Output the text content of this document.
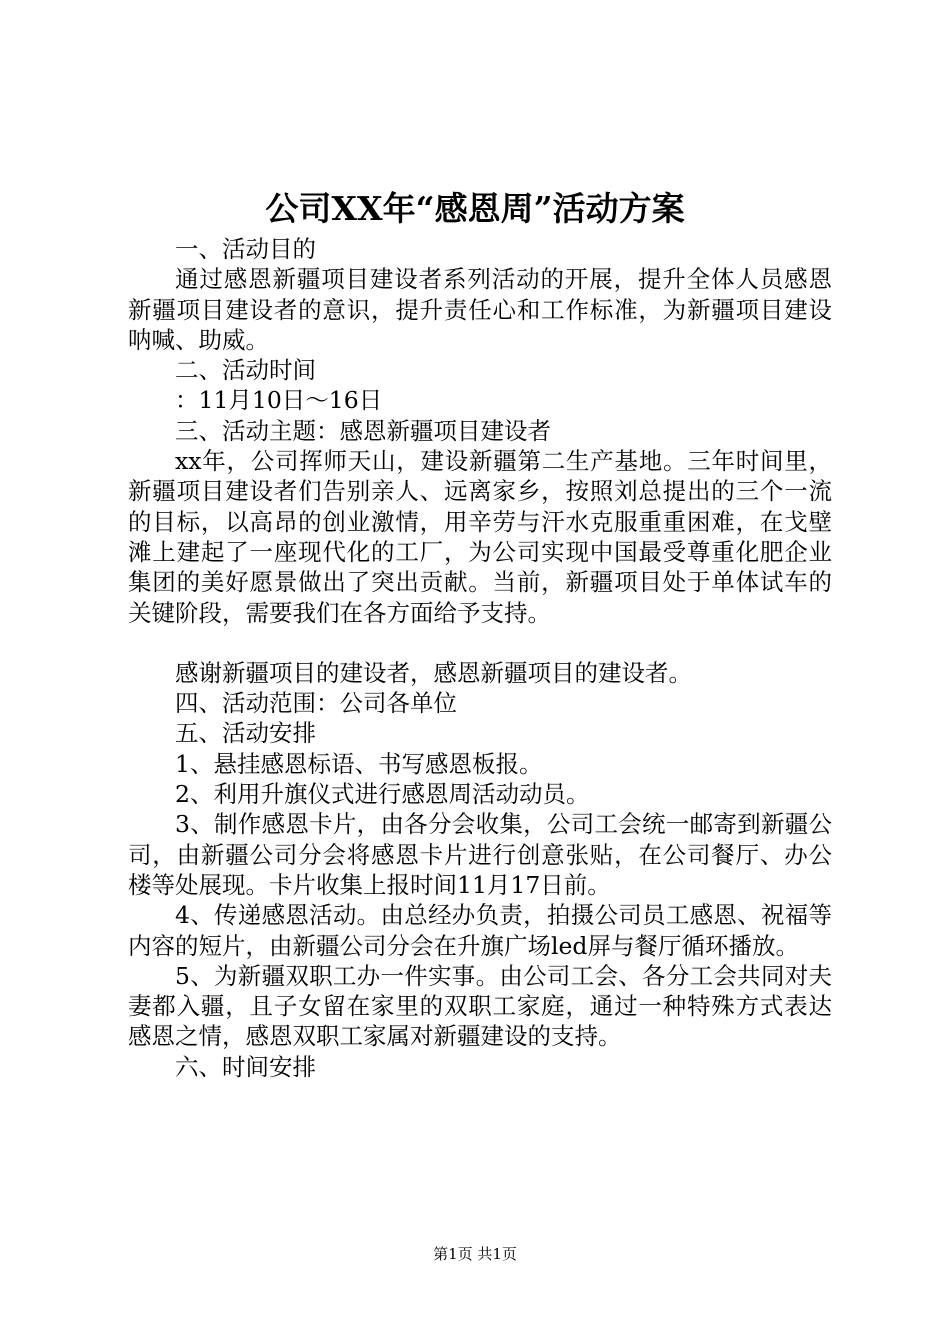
公司XX年“感恩周”活动方案

一、活动目的

通过感恩新疆项目建设者系列活动的开展，提升全体人员感恩新疆项目建设者的意识，提升责任心和工作标准，为新疆项目建设呐喊、助威。

二、活动时间

：11月10日～16日

三、活动主题：感恩新疆项目建设者

xx年，公司挥师天山，建设新疆第二生产基地。三年时间里，新疆项目建设者们告别亲人、远离家乡，按照刘总提出的三个一流的目标，以高昂的创业激情，用辛劳与汗水克服重重困难，在戈壁滩上建起了一座现代化的工厂，为公司实现中国最受尊重化肥企业集团的美好愿景做出了突出贡献。当前，新疆项目处于单体试车的关键阶段，需要我们在各方面给予支持。

感谢新疆项目的建设者，感恩新疆项目的建设者。

四、活动范围：公司各单位

五、活动安排

1、悬挂感恩标语、书写感恩板报。

2、利用升旗仪式进行感恩周活动动员。

3、制作感恩卡片，由各分会收集，公司工会统一邮寄到新疆公司，由新疆公司分会将感恩卡片进行创意张贴，在公司餐厅、办公楼等处展现。卡片收集上报时间11月17日前。

4、传递感恩活动。由总经办负责，拍摄公司员工感恩、祝福等内容的短片，由新疆公司分会在升旗广场led屏与餐厅循环播放。

5、为新疆双职工办一件实事。由公司工会、各分工会共同对夫妻都入疆，且子女留在家里的双职工家庭，通过一种特殊方式表达感恩之情，感恩双职工家属对新疆建设的支持。

六、时间安排

第1页 共1页
